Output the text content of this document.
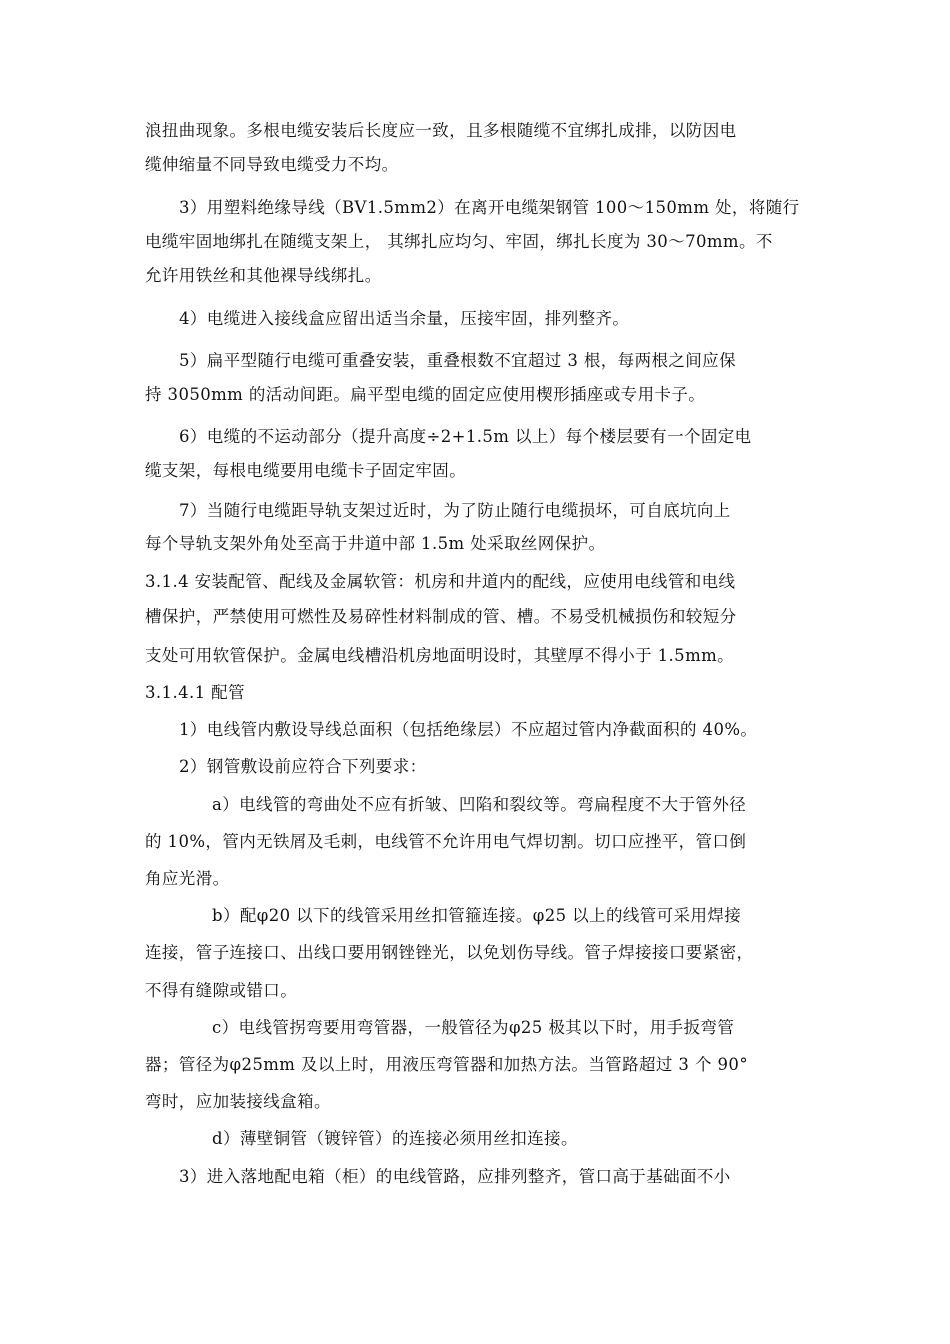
浪扭曲现象。多根电缆安装后长度应一致，且多根随缆不宜绑扎成排，以防因电
缆伸缩量不同导致电缆受力不均。
3）用塑料绝缘导线（BV1.5mm2）在离开电缆架钢管 100～150mm 处，将随行
电缆牢固地绑扎在随缆支架上， 其绑扎应均匀、牢固，绑扎长度为 30～70mm。不
允许用铁丝和其他裸导线绑扎。
4）电缆进入接线盒应留出适当余量，压接牢固，排列整齐。
5）扁平型随行电缆可重叠安装，重叠根数不宜超过 3 根，每两根之间应保
持 3050mm 的活动间距。扁平型电缆的固定应使用楔形插座或专用卡子。
6）电缆的不运动部分（提升高度÷2+1.5m 以上）每个楼层要有一个固定电
缆支架，每根电缆要用电缆卡子固定牢固。
7）当随行电缆距导轨支架过近时，为了防止随行电缆损坏，可自底坑向上
每个导轨支架外角处至高于井道中部 1.5m 处采取丝网保护。
3.1.4 安装配管、配线及金属软管：机房和井道内的配线，应使用电线管和电线
槽保护，严禁使用可燃性及易碎性材料制成的管、槽。不易受机械损伤和较短分
支处可用软管保护。金属电线槽沿机房地面明设时，其壁厚不得小于 1.5mm。
3.1.4.1 配管
1）电线管内敷设导线总面积（包括绝缘层）不应超过管内净截面积的 40%。
2）钢管敷设前应符合下列要求：
a）电线管的弯曲处不应有折皱、凹陷和裂纹等。弯扁程度不大于管外径
的 10%，管内无铁屑及毛刺，电线管不允许用电气焊切割。切口应挫平，管口倒
角应光滑。
b）配φ20 以下的线管采用丝扣管箍连接。φ25 以上的线管可采用焊接
连接，管子连接口、出线口要用钢锉锉光，以免划伤导线。管子焊接接口要紧密，
不得有缝隙或错口。
c）电线管拐弯要用弯管器，一般管径为φ25 极其以下时，用手扳弯管
器；管径为φ25mm 及以上时，用液压弯管器和加热方法。当管路超过 3 个 90°
弯时，应加装接线盒箱。
d）薄壁铜管（镀锌管）的连接必须用丝扣连接。
3）进入落地配电箱（柜）的电线管路，应排列整齐，管口高于基础面不小
